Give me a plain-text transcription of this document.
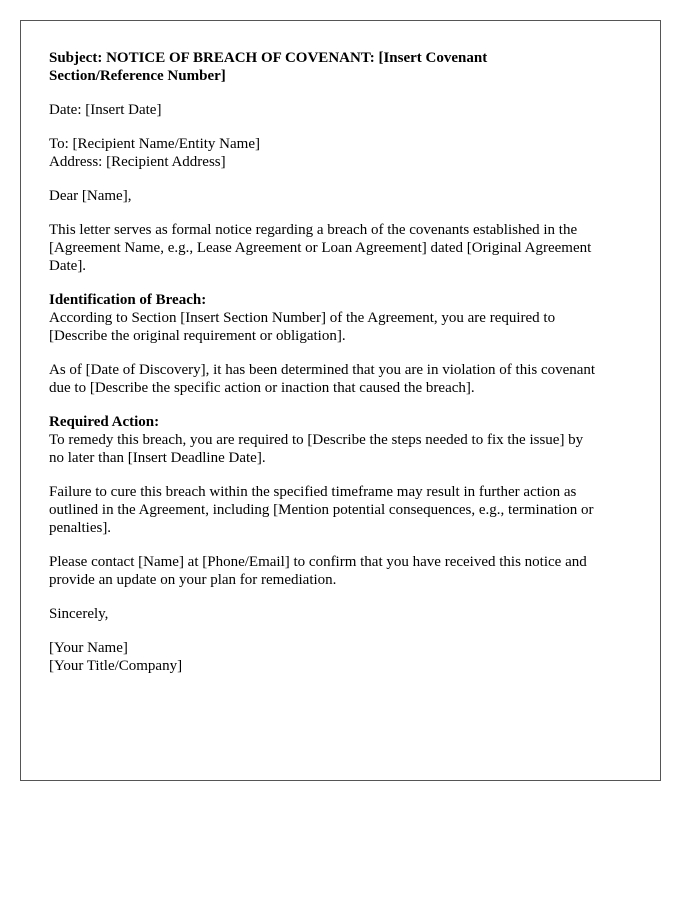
Subject: NOTICE OF BREACH OF COVENANT: [Insert Covenant
Section/Reference Number]
Date: [Insert Date]
To: [Recipient Name/Entity Name]
Address: [Recipient Address]
Dear [Name],
This letter serves as formal notice regarding a breach of the covenants established in the
[Agreement Name, e.g., Lease Agreement or Loan Agreement] dated [Original Agreement
Date].
Identification of Breach:
According to Section [Insert Section Number] of the Agreement, you are required to
[Describe the original requirement or obligation].
As of [Date of Discovery], it has been determined that you are in violation of this covenant
due to [Describe the specific action or inaction that caused the breach].
Required Action:
To remedy this breach, you are required to [Describe the steps needed to fix the issue] by
no later than [Insert Deadline Date].
Failure to cure this breach within the specified timeframe may result in further action as
outlined in the Agreement, including [Mention potential consequences, e.g., termination or
penalties].
Please contact [Name] at [Phone/Email] to confirm that you have received this notice and
provide an update on your plan for remediation.
Sincerely,
[Your Name]
[Your Title/Company]
